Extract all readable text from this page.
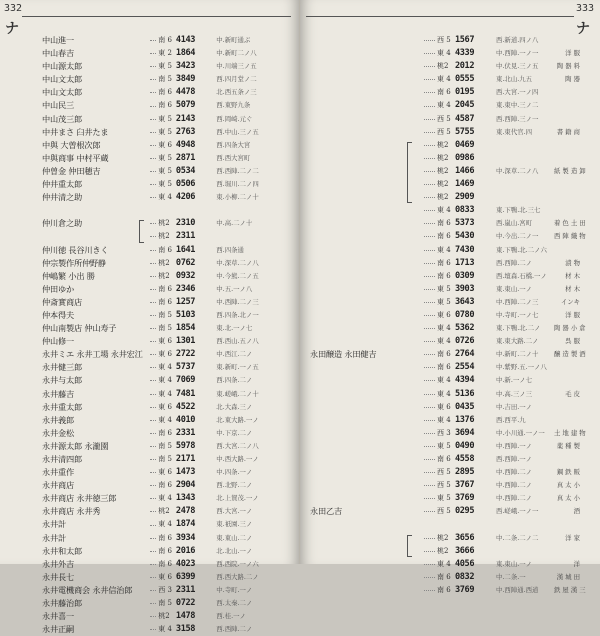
332
ナ
中山進一	南 6 4143	中.新町通ぶ
中山春吉	東 2 1864	中.新町二ノ八
中山源太郎	東 5 3423	中.川端三ノ五
中山文太郎	南 5 3849	西.四月堂ノ二
中山文太郎	南 6 4478	北.西五条ノ三
中山民三	南 6 5079	西.東野九条
中山茂三郎	東 5 2143	西.岡崎.元ぐ
中井まさ 臼井たま	東 5 2763	西.中山.三ノ五
中與 大曽根次郎	東 6 4948	西.四条大宮
中與商事 中村平蔵	東 5 2871	西.西大宮町
仲曽金 仲田穂吉	東 5 0534	西.西陣.二ノ二
仲井重太郎	東 5 0506	西.堀川.二ノ四
仲井清之助	東 4 4206	東.小柳.二ノ十
仲川倉之助	桃2 2310	中.高.二ノ十
桃2 2311
仲川徳 長谷川きく	南 6 1641	西.四条通
仲宗製作所仲野静	桃2 0762	中.深草.二ノ八
仲嶋繁 小出 勝	桃2 0932	中.今熊.二ノ五
仲田ゆか	南 6 2346	中.五.一ノ八
仲斎實商店	南 6 1257	中.西陣.二ノ三
仲本得夫	南 5 5103	西.四条.北ノ一
仲山南製店 仲山寿子	南 5 1854	東.北.一ノ七
仲山修一	東 6 1301	西.西山.五ノ八
永井ミエ 永井工場 永井宏江	東 6 2722	中.西江.二ノ
永井健三郎	東 4 5737	東.新町.一ノ五
永井与太郎	東 4 7069	西.四条.二ノ
永井藤吉	東 4 7481	東.嵯峨.二ノ十
永井重太郎	東 6 4522	北.大森.三ノ
永井義郎	東 4 4010	北.東大路.一ノ
永井金松	南 6 2331	中.下京.二ノ
永井源太郎 永瀧園	南 5 5978	西.大宮.二ノ八
永井清四郎	南 5 2171	中.西大路.一ノ
永井重作	東 6 1473	中.四条.一ノ
永井商店	南 6 2904	西.北野.二ノ
永井商店 永井徳三郎	東 4 1343	北.上賀茂.一ノ
永井商店 永井秀	桃2 2478	西.大宮.一ノ
永井計	東 4 1874	東.祇園.三ノ
永井計	南 6 3934	東.東山.二ノ
永井和太郎	南 6 2016	北.北山.一ノ
永井外吉	南 6 4023	西.西院.一ノ六
永井長七	東 6 6399	西.西大路.二ノ
永井電機商会 永井信治郎	西 3 2311	中.寺町.一ノ
永井藤治郎	南 5 0722	西.太秦.二ノ
永井喜一	桃2 1478	西.桂.一ノ
永井正嗣	東 4 3158	西.西陣.二ノ
333
ナ
西 5 1567	西.新道.四ノ八
東 4 4339	中.西陣.一ノ一	洋 服
桃2 2012	中.伏見.三ノ五	陶 器 料
東 4 0555	東.北山.九五	陶 器
南 6 0195	西.大宮.一ノ四
東 4 2045	東.東中.三ノ二
西 5 4587	西.西陣.三ノ一
西 5 5755	東.東代官.四	書 籍 商
桃2 0469
桃2 0986
桃2 1466	中.深草.二ノ八	紙 製 造 卸
桃2 1469
桃2 2909
東 4 0833	東.下鴨.北.三七
南 6 5373	西.嵐山.宮町	着 色 土 田
南 6 5430	中.今出.二ノ一	西 陣 織 物
東 4 7430	東.下鴨.北.二ノ六
南 6 1713	西.西陣.二ノ	漬 物
南 6 0309	西.壇森.石橋.一ノ	材 木
東 5 3903	東.東山.一ノ	材 木
東 5 3643	中.西陣.二ノ三	インキ
東 6 0780	中.寺町.一ノ七	洋 服
東 4 5362	東.下鴨.北.二ノ	陶 器 小 倉
東 4 0726	東.東大路.二ノ	呉 服
永田醸造 永田健吉	南 6 2764	中.新町.二ノ十	醸 造 製 酒
南 6 2554	中.紫野.五.一ノ八
東 4 4394	中.新.一ノ七
東 4 5136	中.高.三ノ三	毛 皮
東 6 0435	中.吉田.一ノ
東 4 1376	西.西平.九
西 3 3694	中.小川通.一ノ一	土 地 建 物
東 5 0490	中.西陣.一ノ	薬 種 製
南 6 4558	西.西陣.一ノ
西 5 2895	中.西陣.二ノ	鋼 鉄 販
西 5 3767	中.西陣.二ノ	真 太 小
東 5 3769	中.西陣.二ノ	真 太 小
永田乙吉	西 5 0295	西.嵯峨.一ノ一	酒
桃2 3656	中.二条.二ノ二	洋 家
桃2 3666
東 4 4056	東.東山.一ノ	洋
南 6 0832	中.二条.一	漢 城 田
南 6 3769	中.西陣通.西道	鉄 屋 漢 三
